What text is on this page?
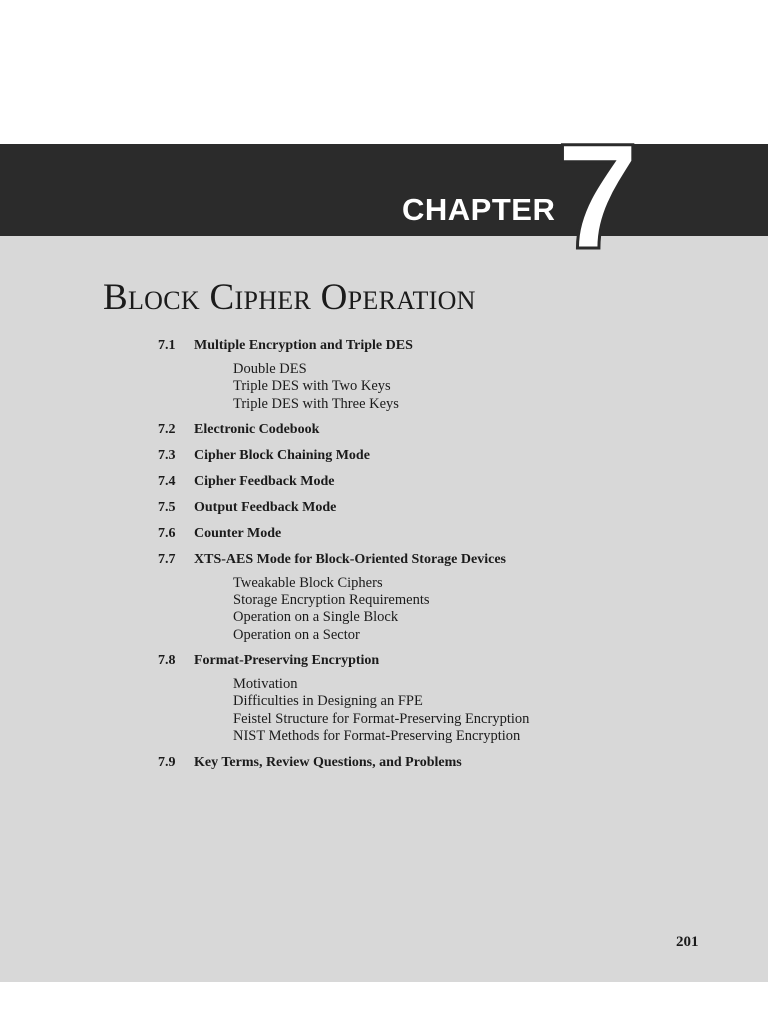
CHAPTER 7
Block Cipher Operation
7.1 Multiple Encryption and Triple DES
Double DES
Triple DES with Two Keys
Triple DES with Three Keys
7.2 Electronic Codebook
7.3 Cipher Block Chaining Mode
7.4 Cipher Feedback Mode
7.5 Output Feedback Mode
7.6 Counter Mode
7.7 XTS-AES Mode for Block-Oriented Storage Devices
Tweakable Block Ciphers
Storage Encryption Requirements
Operation on a Single Block
Operation on a Sector
7.8 Format-Preserving Encryption
Motivation
Difficulties in Designing an FPE
Feistel Structure for Format-Preserving Encryption
NIST Methods for Format-Preserving Encryption
7.9 Key Terms, Review Questions, and Problems
201
